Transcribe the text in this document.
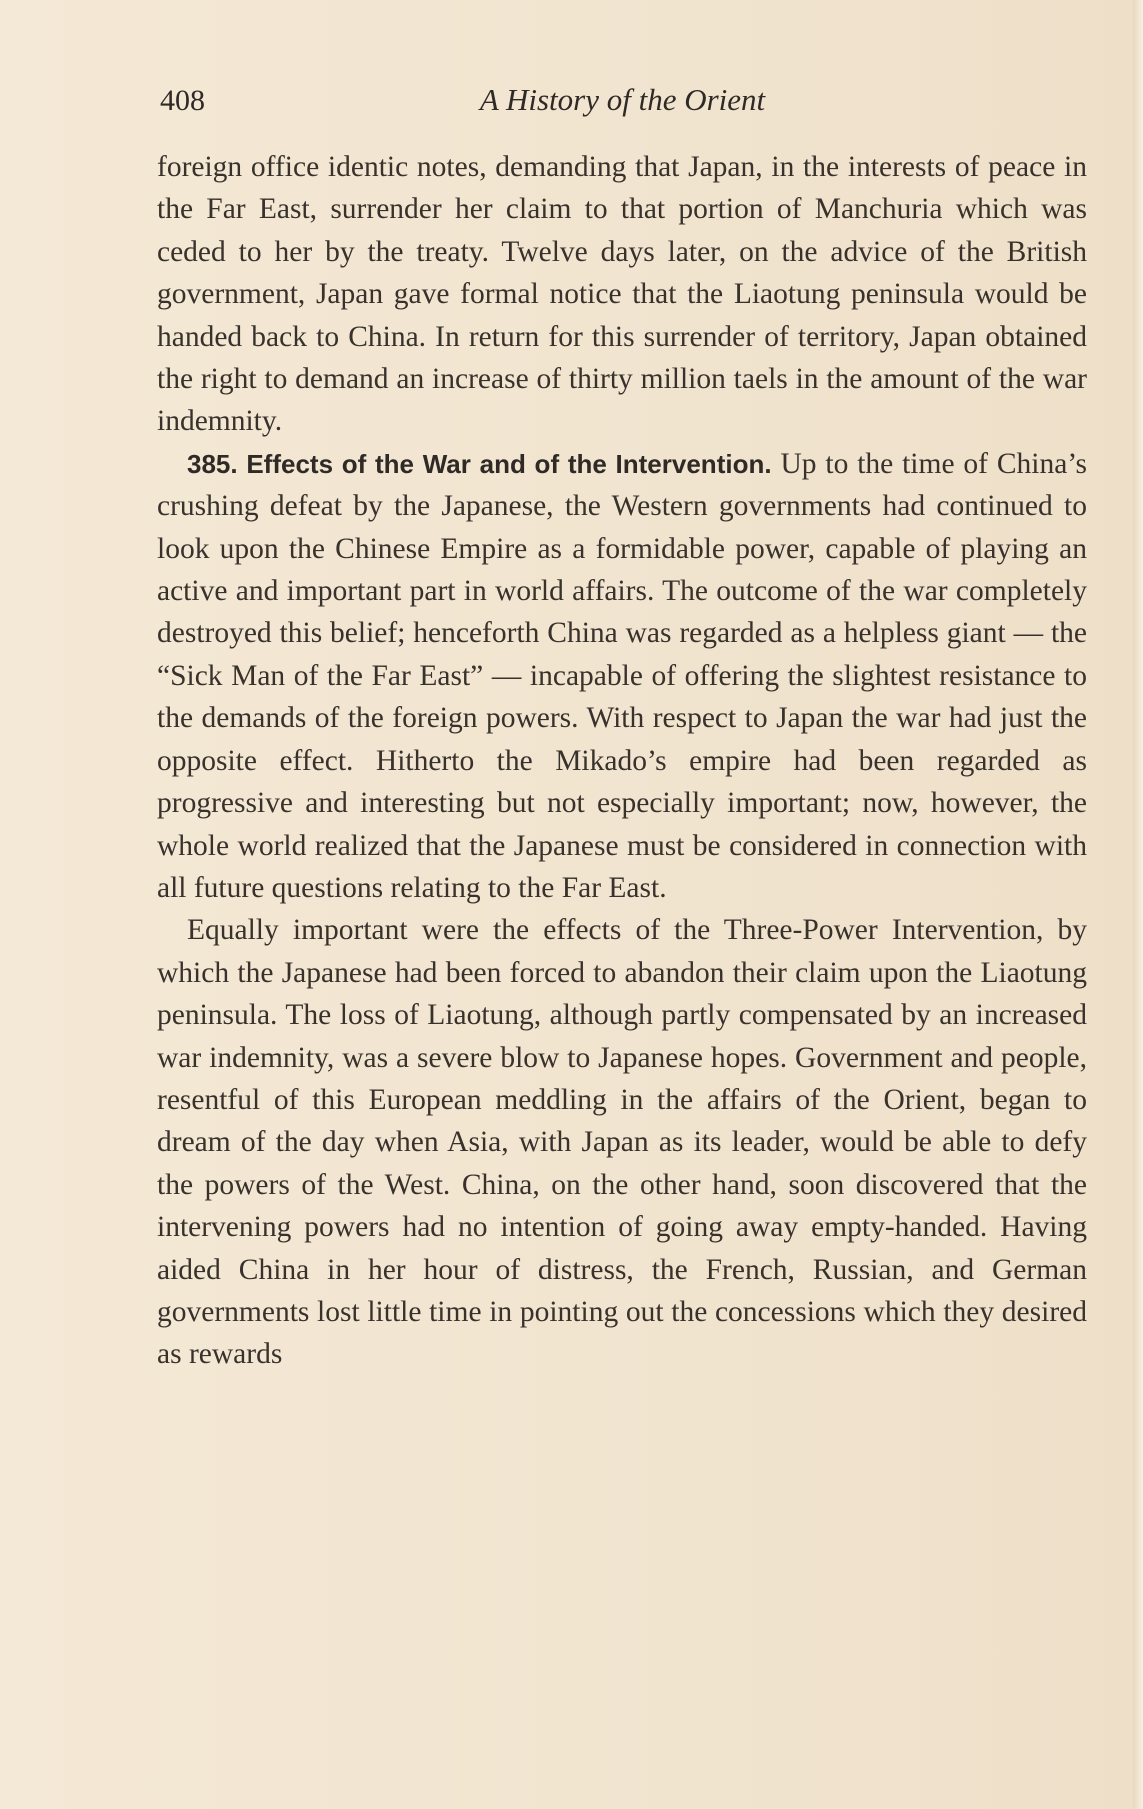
408	A History of the Orient

foreign office identic notes, demanding that Japan, in the interests of peace in the Far East, surrender her claim to that portion of Manchuria which was ceded to her by the treaty. Twelve days later, on the advice of the British government, Japan gave formal notice that the Liaotung peninsula would be handed back to China. In return for this surrender of territory, Japan obtained the right to demand an increase of thirty million taels in the amount of the war indemnity.

385. Effects of the War and of the Intervention. Up to the time of China’s crushing defeat by the Japanese, the Western governments had continued to look upon the Chinese Empire as a formidable power, capable of playing an active and important part in world affairs. The outcome of the war completely destroyed this belief; henceforth China was regarded as a helpless giant — the “Sick Man of the Far East” — incapable of offering the slightest resistance to the demands of the foreign powers. With respect to Japan the war had just the opposite effect. Hitherto the Mikado’s empire had been regarded as progressive and interesting but not especially important; now, however, the whole world realized that the Japanese must be considered in connection with all future questions relating to the Far East.

Equally important were the effects of the Three-Power Intervention, by which the Japanese had been forced to abandon their claim upon the Liaotung peninsula. The loss of Liaotung, although partly compensated by an increased war indemnity, was a severe blow to Japanese hopes. Government and people, resentful of this European meddling in the affairs of the Orient, began to dream of the day when Asia, with Japan as its leader, would be able to defy the powers of the West. China, on the other hand, soon discovered that the intervening powers had no intention of going away empty-handed. Having aided China in her hour of distress, the French, Russian, and German governments lost little time in pointing out the concessions which they desired as rewards
